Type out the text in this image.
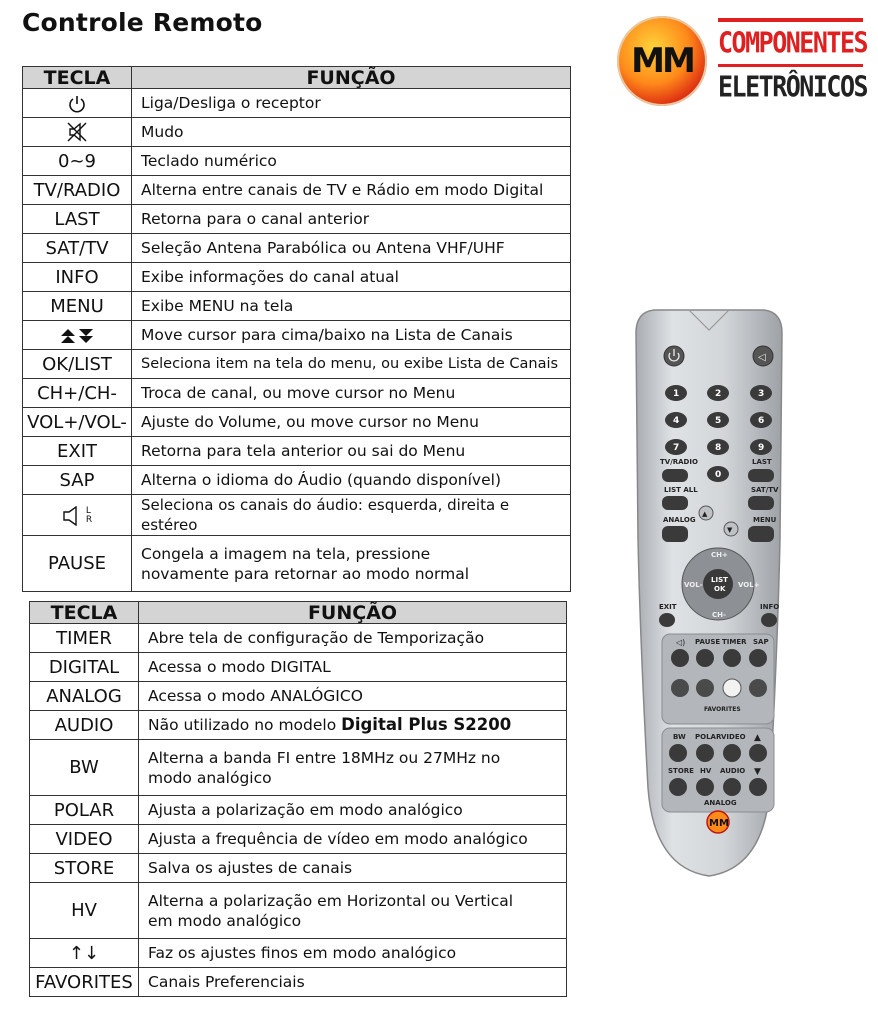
Controle Remoto
MM	COMPONENTES
ELETRÔNICOS
TECLA	FUNÇÃO
	Liga/Desliga o receptor
	Mudo
0~9	Teclado numérico
TV/RADIO	Alterna entre canais de TV e Rádio em modo Digital
LAST	Retorna para o canal anterior
SAT/TV	Seleção Antena Parabólica ou Antena VHF/UHF
INFO	Exibe informações do canal atual
MENU	Exibe MENU na tela
	Move cursor para cima/baixo na Lista de Canais
OK/LIST	Seleciona item na tela do menu, ou exibe Lista de Canais
CH+/CH-	Troca de canal, ou move cursor no Menu
VOL+/VOL-	Ajuste do Volume, ou move cursor no Menu
EXIT	Retorna para tela anterior ou sai do Menu
SAP	Alterna o idioma do Áudio (quando disponível)
L
R	Seleciona os canais do áudio: esquerda, direita e estéreo
PAUSE	Congela a imagem na tela, pressione
novamente para retornar ao modo normal
TECLA	FUNÇÃO
TIMER	Abre tela de configuração de Temporização
DIGITAL	Acessa o modo DIGITAL
ANALOG	Acessa o modo ANALÓGICO
AUDIO	Não utilizado no modelo Digital Plus S2200
BW	Alterna a banda FI entre 18MHz ou 27MHz no
modo analógico
POLAR	Ajusta a polarização em modo analógico
VIDEO	Ajusta a frequência de vídeo em modo analógico
STORE	Salva os ajustes de canais
HV	Alterna a polarização em Horizontal ou Vertical
em modo analógico
↑↓	Faz os ajustes finos em modo analógico
FAVORITES	Canais Preferenciais
◁
1	2	3
4	5	6
7	8	9
0
TV/RADIO	LAST
LIST ALL	SAT/TV
▲
▼
ANALOG	MENU
LIST
OK
CH+
CH-
VOL-	VOL+
EXIT	INFO
◁) PAUSE TIMER SAP
FAVORITES
BW POLAR VIDEO ▲
STORE HV AUDIO ▼
ANALOG
MM
